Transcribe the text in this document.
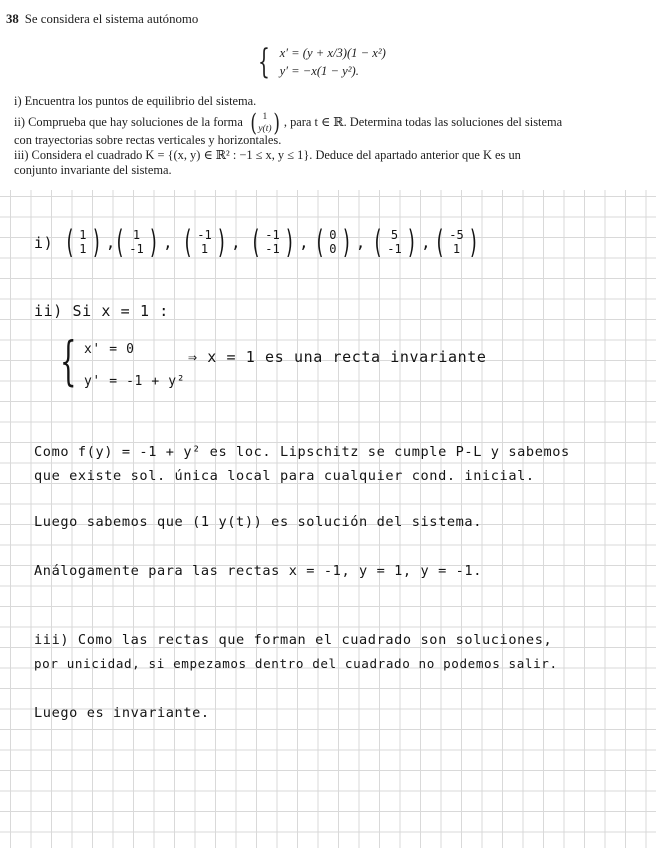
38 Se considera el sistema autónomo
{ x′ = (y + x/3)(1 − x²)
y′ = −x(1 − y²).
i) Encuentra los puntos de equilibrio del sistema.
ii) Comprueba que hay soluciones de la forma ( 1
y(t) ) , para t ∈ ℝ. Determina todas las soluciones del sistema
con trayectorias sobre rectas verticales y horizontales.
iii) Considera el cuadrado K = {(x, y) ∈ ℝ² : −1 ≤ x, y ≤ 1}. Deduce del apartado anterior que K es un
conjunto invariante del sistema.
i) ( 1
1 ) ,
( 1
-1 ) , ( -1
1 ) , ( -1
-1 ) , ( 0
0 ) , ( 5
-1 ) , ( -5
1 )
ii) Si x = 1 :
{ x' = 0
y' = -1 + y²
⇒ x = 1 es una recta invariante
Como f(y) = -1 + y² es loc. Lipschitz se cumple P-L y sabemos
que existe sol. única local para cualquier cond. inicial.
Luego sabemos que (1 y(t)) es solución del sistema.
Análogamente para las rectas x = -1, y = 1, y = -1.
iii) Como las rectas que forman el cuadrado son soluciones,
por unicidad, si empezamos dentro del cuadrado no podemos salir.
Luego es invariante.
